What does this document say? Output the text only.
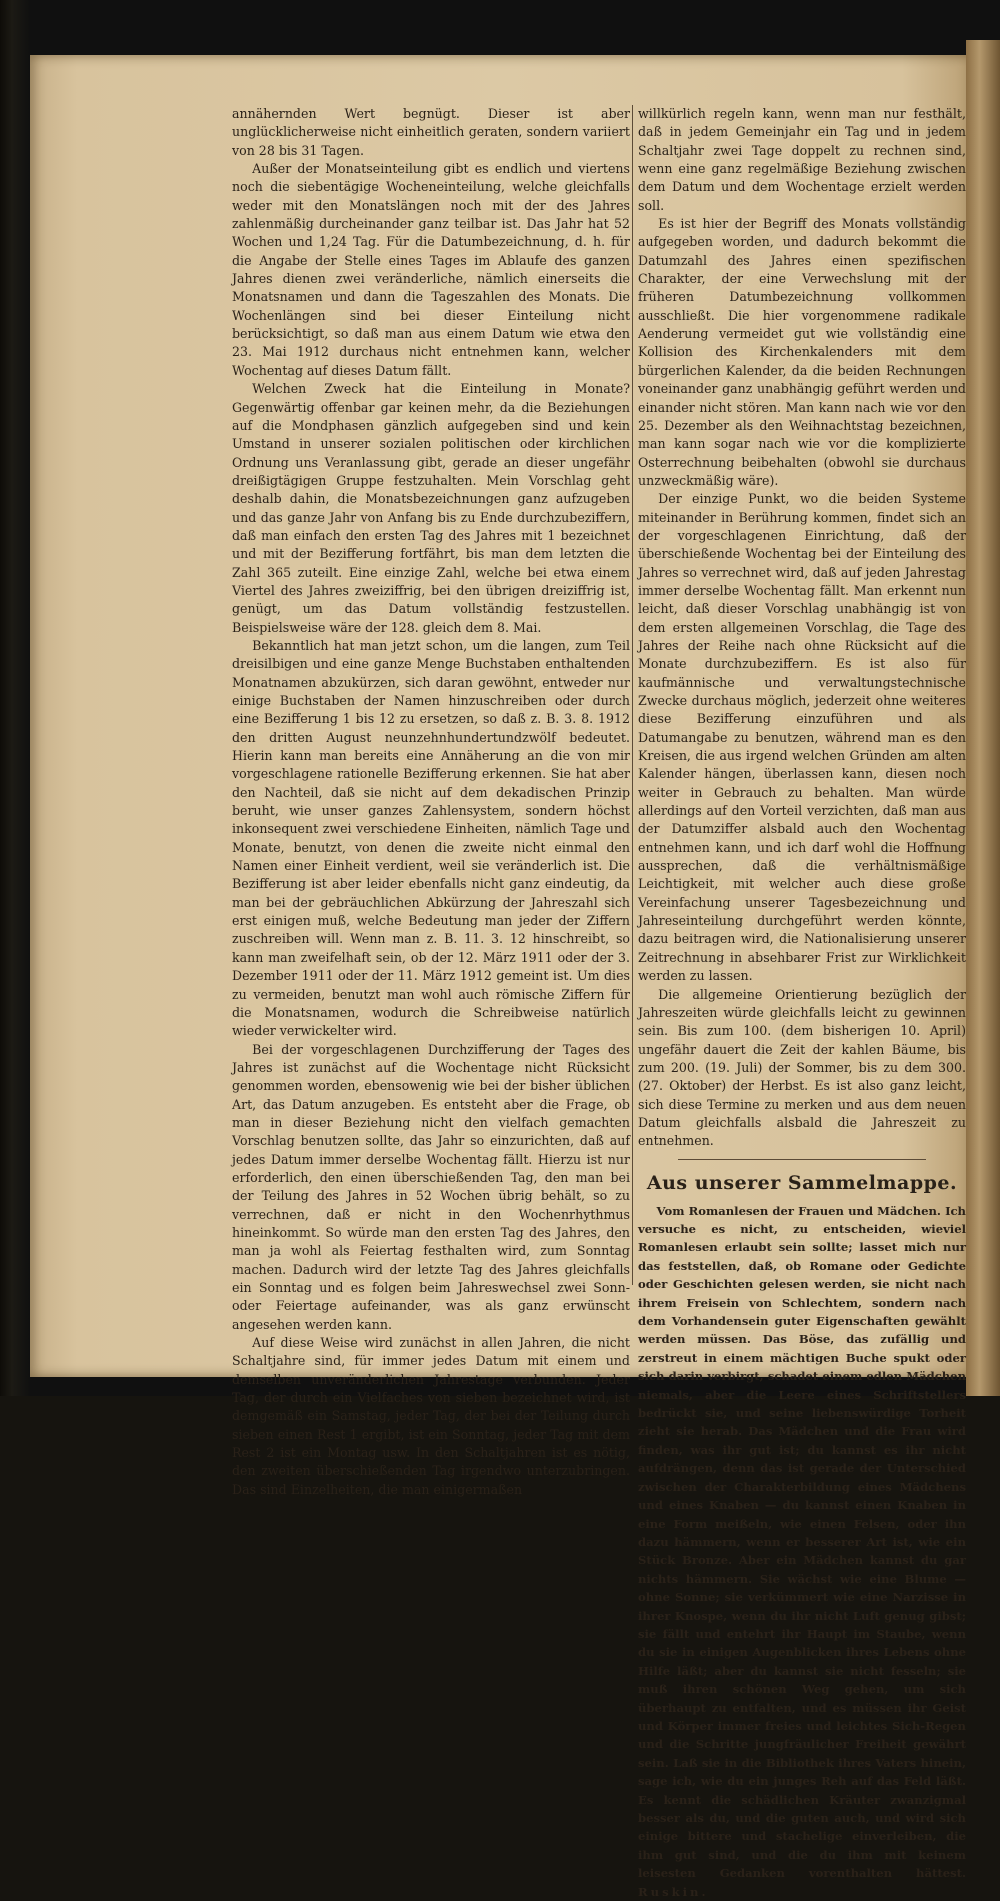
annähernden Wert begnügt. Dieser ist aber unglücklicherweise nicht einheitlich geraten, sondern variiert von 28 bis 31 Tagen.

Außer der Monatseinteilung gibt es endlich und viertens noch die siebentägige Wocheneinteilung, welche gleichfalls weder mit den Monatslängen noch mit der des Jahres zahlenmäßig durcheinander ganz teilbar ist. Das Jahr hat 52 Wochen und 1,24 Tag. Für die Datumbezeichnung, d. h. für die Angabe der Stelle eines Tages im Ablaufe des ganzen Jahres dienen zwei veränderliche, nämlich einerseits die Monatsnamen und dann die Tageszahlen des Monats. Die Wochenlängen sind bei dieser Einteilung nicht berücksichtigt, so daß man aus einem Datum wie etwa den 23. Mai 1912 durchaus nicht entnehmen kann, welcher Wochentag auf dieses Datum fällt.

Welchen Zweck hat die Einteilung in Monate? Gegenwärtig offenbar gar keinen mehr, da die Beziehungen auf die Mondphasen gänzlich aufgegeben sind und kein Umstand in unserer sozialen politischen oder kirchlichen Ordnung uns Veranlassung gibt, gerade an dieser ungefähr dreißigtägigen Gruppe festzuhalten. Mein Vorschlag geht deshalb dahin, die Monatsbezeichnungen ganz aufzugeben und das ganze Jahr von Anfang bis zu Ende durchzubeziffern, daß man einfach den ersten Tag des Jahres mit 1 bezeichnet und mit der Bezifferung fortfährt, bis man dem letzten die Zahl 365 zuteilt. Eine einzige Zahl, welche bei etwa einem Viertel des Jahres zweiziffrig, bei den übrigen dreiziffrig ist, genügt, um das Datum vollständig festzustellen. Beispielsweise wäre der 128. gleich dem 8. Mai.

Bekanntlich hat man jetzt schon, um die langen, zum Teil dreisilbigen und eine ganze Menge Buchstaben enthaltenden Monatnamen abzukürzen, sich daran gewöhnt, entweder nur einige Buchstaben der Namen hinzuschreiben oder durch eine Bezifferung 1 bis 12 zu ersetzen, so daß z. B. 3. 8. 1912 den dritten August neunzehnhundertundzwölf bedeutet. Hierin kann man bereits eine Annäherung an die von mir vorgeschlagene rationelle Bezifferung erkennen. Sie hat aber den Nachteil, daß sie nicht auf dem dekadischen Prinzip beruht, wie unser ganzes Zahlensystem, sondern höchst inkonsequent zwei verschiedene Einheiten, nämlich Tage und Monate, benutzt, von denen die zweite nicht einmal den Namen einer Einheit verdient, weil sie veränderlich ist. Die Bezifferung ist aber leider ebenfalls nicht ganz eindeutig, da man bei der gebräuchlichen Abkürzung der Jahreszahl sich erst einigen muß, welche Bedeutung man jeder der Ziffern zuschreiben will. Wenn man z. B. 11. 3. 12 hinschreibt, so kann man zweifelhaft sein, ob der 12. März 1911 oder der 3. Dezember 1911 oder der 11. März 1912 gemeint ist. Um dies zu vermeiden, benutzt man wohl auch römische Ziffern für die Monatsnamen, wodurch die Schreibweise natürlich wieder verwickelter wird.

Bei der vorgeschlagenen Durchzifferung der Tages des Jahres ist zunächst auf die Wochentage nicht Rücksicht genommen worden, ebensowenig wie bei der bisher üblichen Art, das Datum anzugeben. Es entsteht aber die Frage, ob man in dieser Beziehung nicht den vielfach gemachten Vorschlag benutzen sollte, das Jahr so einzurichten, daß auf jedes Datum immer derselbe Wochentag fällt. Hierzu ist nur erforderlich, den einen überschießenden Tag, den man bei der Teilung des Jahres in 52 Wochen übrig behält, so zu verrechnen, daß er nicht in den Wochenrhythmus hineinkommt. So würde man den ersten Tag des Jahres, den man ja wohl als Feiertag festhalten wird, zum Sonntag machen. Dadurch wird der letzte Tag des Jahres gleichfalls ein Sonntag und es folgen beim Jahreswechsel zwei Sonn- oder Feiertage aufeinander, was als ganz erwünscht angesehen werden kann.

Auf diese Weise wird zunächst in allen Jahren, die nicht Schaltjahre sind, für immer jedes Datum mit einem und demselben unveränderlichen Jahrestage verbunden. Jeder Tag, der durch ein Vielfaches von sieben bezeichnet wird, ist demgemäß ein Samstag, jeder Tag, der bei der Teilung durch sieben einen Rest 1 ergibt, ist ein Sonntag, jeder Tag mit dem Rest 2 ist ein Montag usw. In den Schaltjahren ist es nötig, den zweiten überschießenden Tag irgendwo unterzubringen. Das sind Einzelheiten, die man einigermaßen

willkürlich regeln kann, wenn man nur festhält, daß in jedem Gemeinjahr ein Tag und in jedem Schaltjahr zwei Tage doppelt zu rechnen sind, wenn eine ganz regelmäßige Beziehung zwischen dem Datum und dem Wochentage erzielt werden soll.

Es ist hier der Begriff des Monats vollständig aufgegeben worden, und dadurch bekommt die Datumzahl des Jahres einen spezifischen Charakter, der eine Verwechslung mit der früheren Datumbezeichnung vollkommen ausschließt. Die hier vorgenommene radikale Aenderung vermeidet gut wie vollständig eine Kollision des Kirchenkalenders mit dem bürgerlichen Kalender, da die beiden Rechnungen voneinander ganz unabhängig geführt werden und einander nicht stören. Man kann nach wie vor den 25. Dezember als den Weihnachtstag bezeichnen, man kann sogar nach wie vor die komplizierte Osterrechnung beibehalten (obwohl sie durchaus unzweckmäßig wäre).

Der einzige Punkt, wo die beiden Systeme miteinander in Berührung kommen, findet sich an der vorgeschlagenen Einrichtung, daß der überschießende Wochentag bei der Einteilung des Jahres so verrechnet wird, daß auf jeden Jahrestag immer derselbe Wochentag fällt. Man erkennt nun leicht, daß dieser Vorschlag unabhängig ist von dem ersten allgemeinen Vorschlag, die Tage des Jahres der Reihe nach ohne Rücksicht auf die Monate durchzubeziffern. Es ist also für kaufmännische und verwaltungstechnische Zwecke durchaus möglich, jederzeit ohne weiteres diese Bezifferung einzuführen und als Datumangabe zu benutzen, während man es den Kreisen, die aus irgend welchen Gründen am alten Kalender hängen, überlassen kann, diesen noch weiter in Gebrauch zu behalten. Man würde allerdings auf den Vorteil verzichten, daß man aus der Datumziffer alsbald auch den Wochentag entnehmen kann, und ich darf wohl die Hoffnung aussprechen, daß die verhältnismäßige Leichtigkeit, mit welcher auch diese große Vereinfachung unserer Tagesbezeichnung und Jahreseinteilung durchgeführt werden könnte, dazu beitragen wird, die Nationalisierung unserer Zeitrechnung in absehbarer Frist zur Wirklichkeit werden zu lassen.

Die allgemeine Orientierung bezüglich der Jahreszeiten würde gleichfalls leicht zu gewinnen sein. Bis zum 100. (dem bisherigen 10. April) ungefähr dauert die Zeit der kahlen Bäume, bis zum 200. (19. Juli) der Sommer, bis zu dem 300. (27. Oktober) der Herbst. Es ist also ganz leicht, sich diese Termine zu merken und aus dem neuen Datum gleichfalls alsbald die Jahreszeit zu entnehmen.

Aus unserer Sammelmappe.

Vom Romanlesen der Frauen und Mädchen. Ich versuche es nicht, zu entscheiden, wieviel Romanlesen erlaubt sein sollte; lasset mich nur das feststellen, daß, ob Romane oder Gedichte oder Geschichten gelesen werden, sie nicht nach ihrem Freisein von Schlechtem, sondern nach dem Vorhandensein guter Eigenschaften gewählt werden müssen. Das Böse, das zufällig und zerstreut in einem mächtigen Buche spukt oder sich darin verbirgt, schadet einem edlen Mädchen niemals, aber die Leere eines Schriftstellers bedrückt sie, und seine liebenswürdige Torheit zieht sie herab. Das Mädchen und die Frau wird finden, was ihr gut ist; du kannst es ihr nicht aufdrängen, denn das ist gerade der Unterschied zwischen der Charakterbildung eines Mädchens und eines Knaben — du kannst einen Knaben in eine Form meißeln, wie einen Felsen, oder ihn dazu hämmern, wenn er besserer Art ist, wie ein Stück Bronze. Aber ein Mädchen kannst du gar nichts hämmern. Sie wächst wie eine Blume — ohne Sonne; sie verkümmert wie eine Narzisse in ihrer Knospe, wenn du ihr nicht Luft genug gibst; sie fällt und entehrt ihr Haupt im Staube, wenn du sie in einigen Augenblicken ihres Lebens ohne Hilfe läßt; aber du kannst sie nicht fesseln; sie muß ihren schönen Weg gehen, um sich überhaupt zu entfalten, und es müssen ihr Geist und Körper immer freies und leichtes Sich-Regen und die Schritte jungfräulicher Freiheit gewährt sein. Laß sie in die Bibliothek ihres Vaters hinein, sage ich, wie du ein junges Reh auf das Feld läßt. Es kennt die schädlichen Kräuter zwanzigmal besser als du, und die guten auch, und wird sich einige bittere und stachelige einverleiben, die ihm gut sind, und die du ihm mit keinem leisesten Gedanken vorenthalten hättest. Ruskin.
